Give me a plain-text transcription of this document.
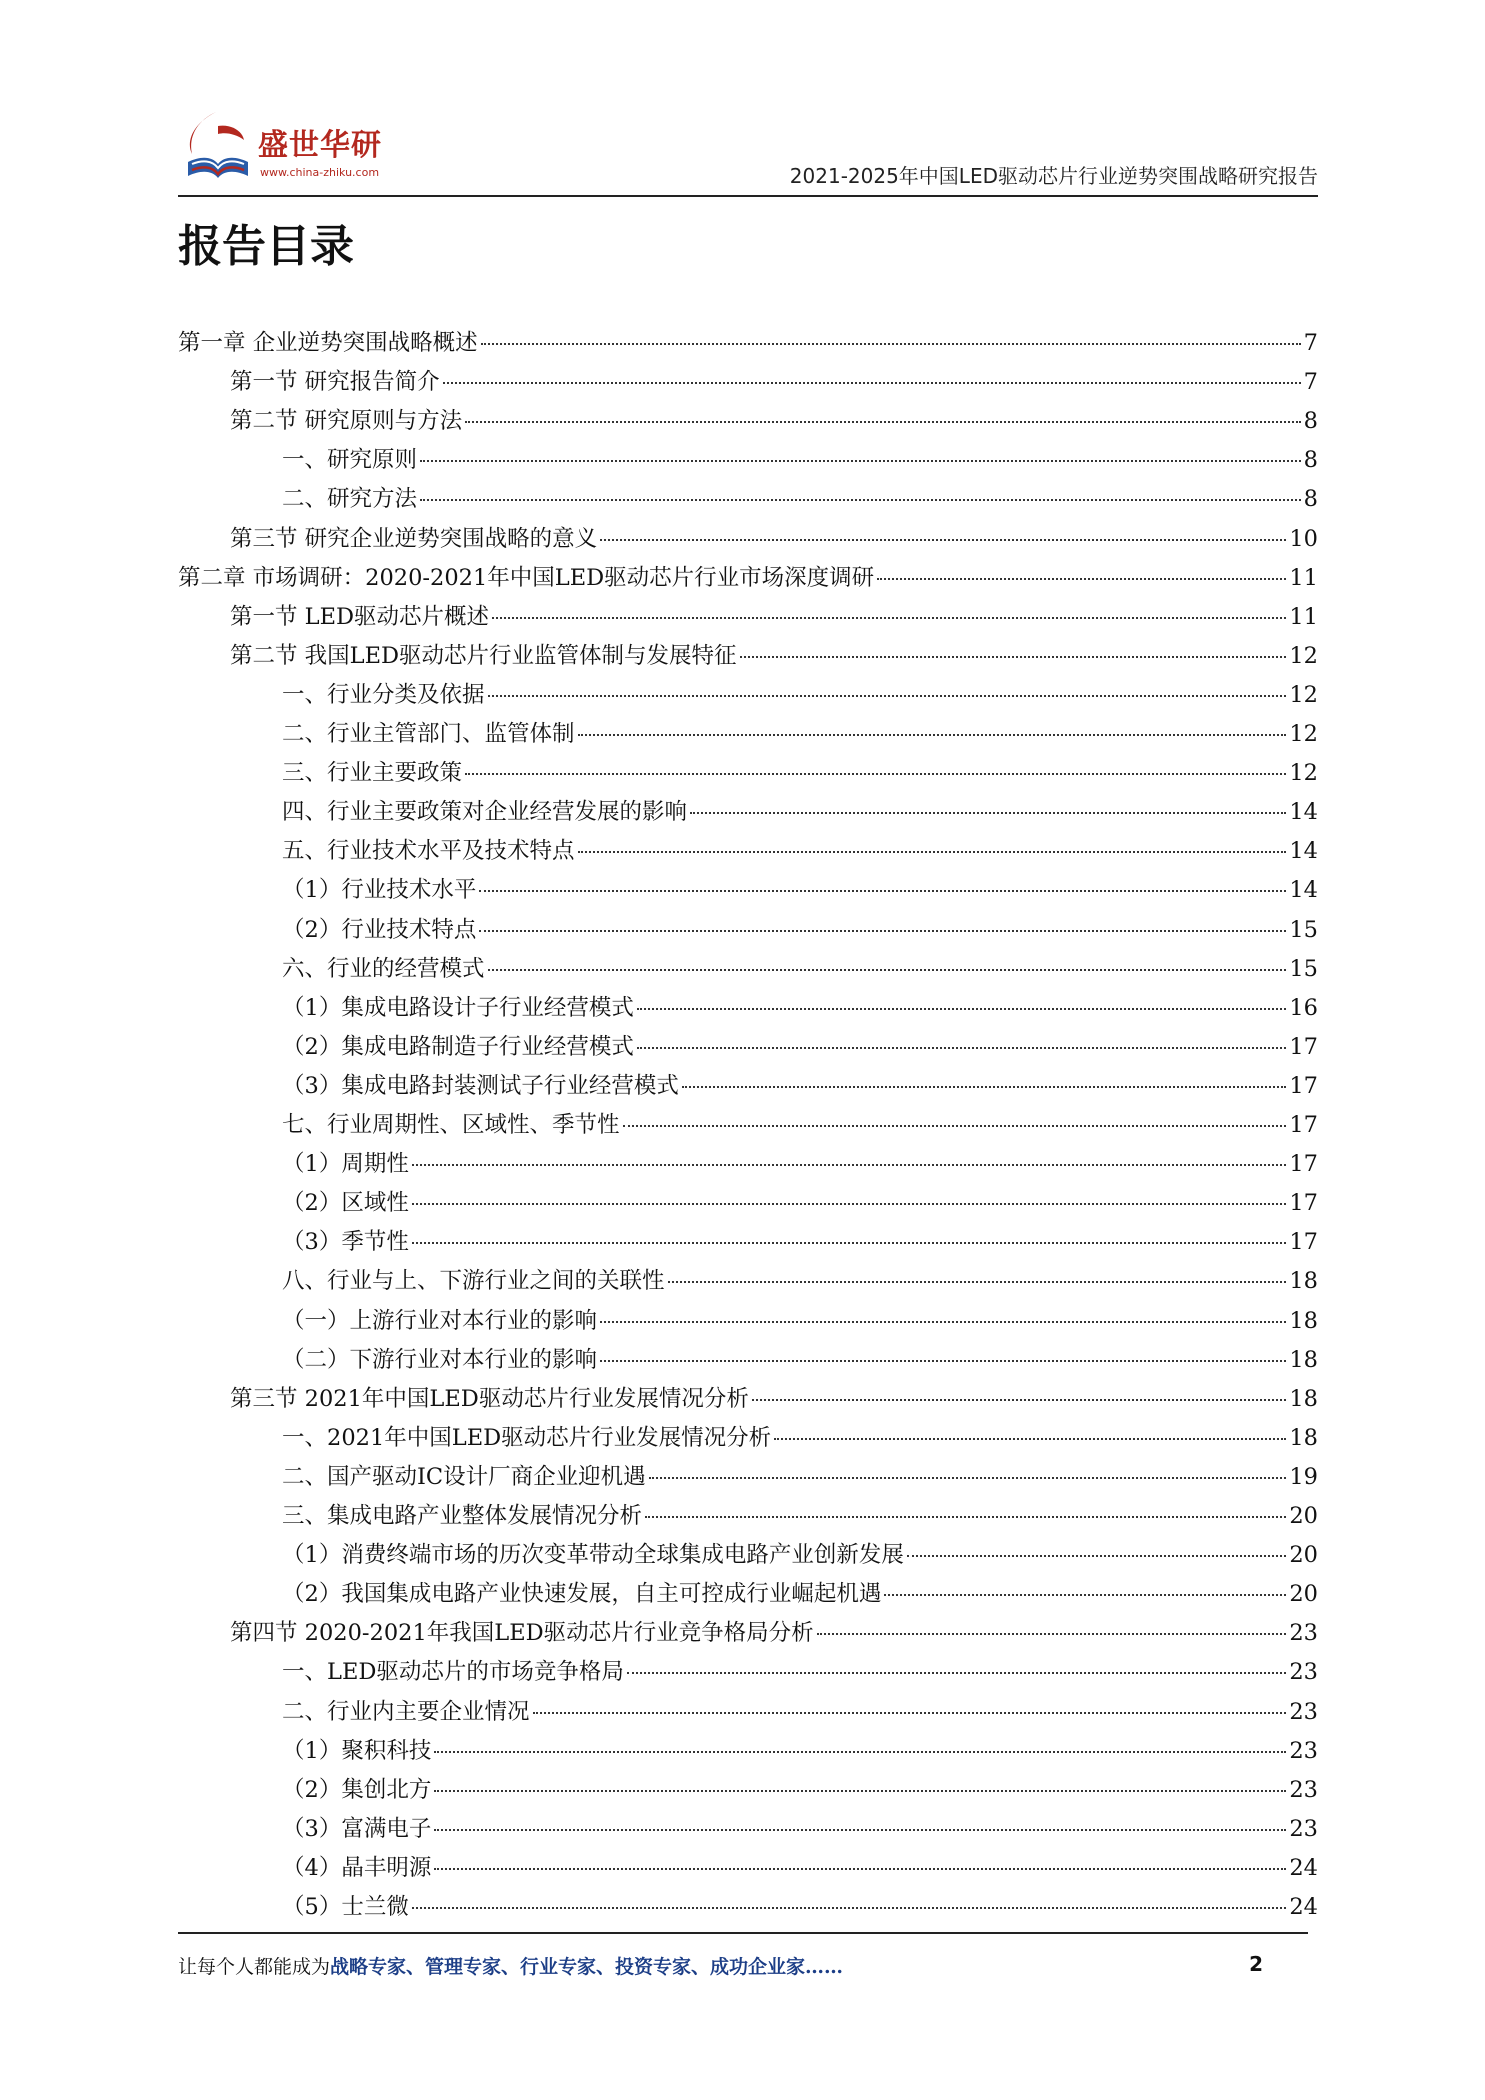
盛世华研
www.china-zhiku.com	2021-2025年中国LED驱动芯片行业逆势突围战略研究报告
报告目录
第一章 企业逆势突围战略概述	7
第一节 研究报告简介	7
第二节 研究原则与方法	8
一、研究原则	8
二、研究方法	8
第三节 研究企业逆势突围战略的意义	10
第二章 市场调研：2020-2021年中国LED驱动芯片行业市场深度调研	11
第一节 LED驱动芯片概述	11
第二节 我国LED驱动芯片行业监管体制与发展特征	12
一、行业分类及依据	12
二、行业主管部门、监管体制	12
三、行业主要政策	12
四、行业主要政策对企业经营发展的影响	14
五、行业技术水平及技术特点	14
（1）行业技术水平	14
（2）行业技术特点	15
六、行业的经营模式	15
（1）集成电路设计子行业经营模式	16
（2）集成电路制造子行业经营模式	17
（3）集成电路封装测试子行业经营模式	17
七、行业周期性、区域性、季节性	17
（1）周期性	17
（2）区域性	17
（3）季节性	17
八、行业与上、下游行业之间的关联性	18
（一）上游行业对本行业的影响	18
（二）下游行业对本行业的影响	18
第三节 2021年中国LED驱动芯片行业发展情况分析	18
一、2021年中国LED驱动芯片行业发展情况分析	18
二、国产驱动IC设计厂商企业迎机遇	19
三、集成电路产业整体发展情况分析	20
（1）消费终端市场的历次变革带动全球集成电路产业创新发展	20
（2）我国集成电路产业快速发展，自主可控成行业崛起机遇	20
第四节 2020-2021年我国LED驱动芯片行业竞争格局分析	23
一、LED驱动芯片的市场竞争格局	23
二、行业内主要企业情况	23
（1）聚积科技	23
（2）集创北方	23
（3）富满电子	23
（4）晶丰明源	24
（5）士兰微	24
让每个人都能成为战略专家、管理专家、行业专家、投资专家、成功企业家……	2
